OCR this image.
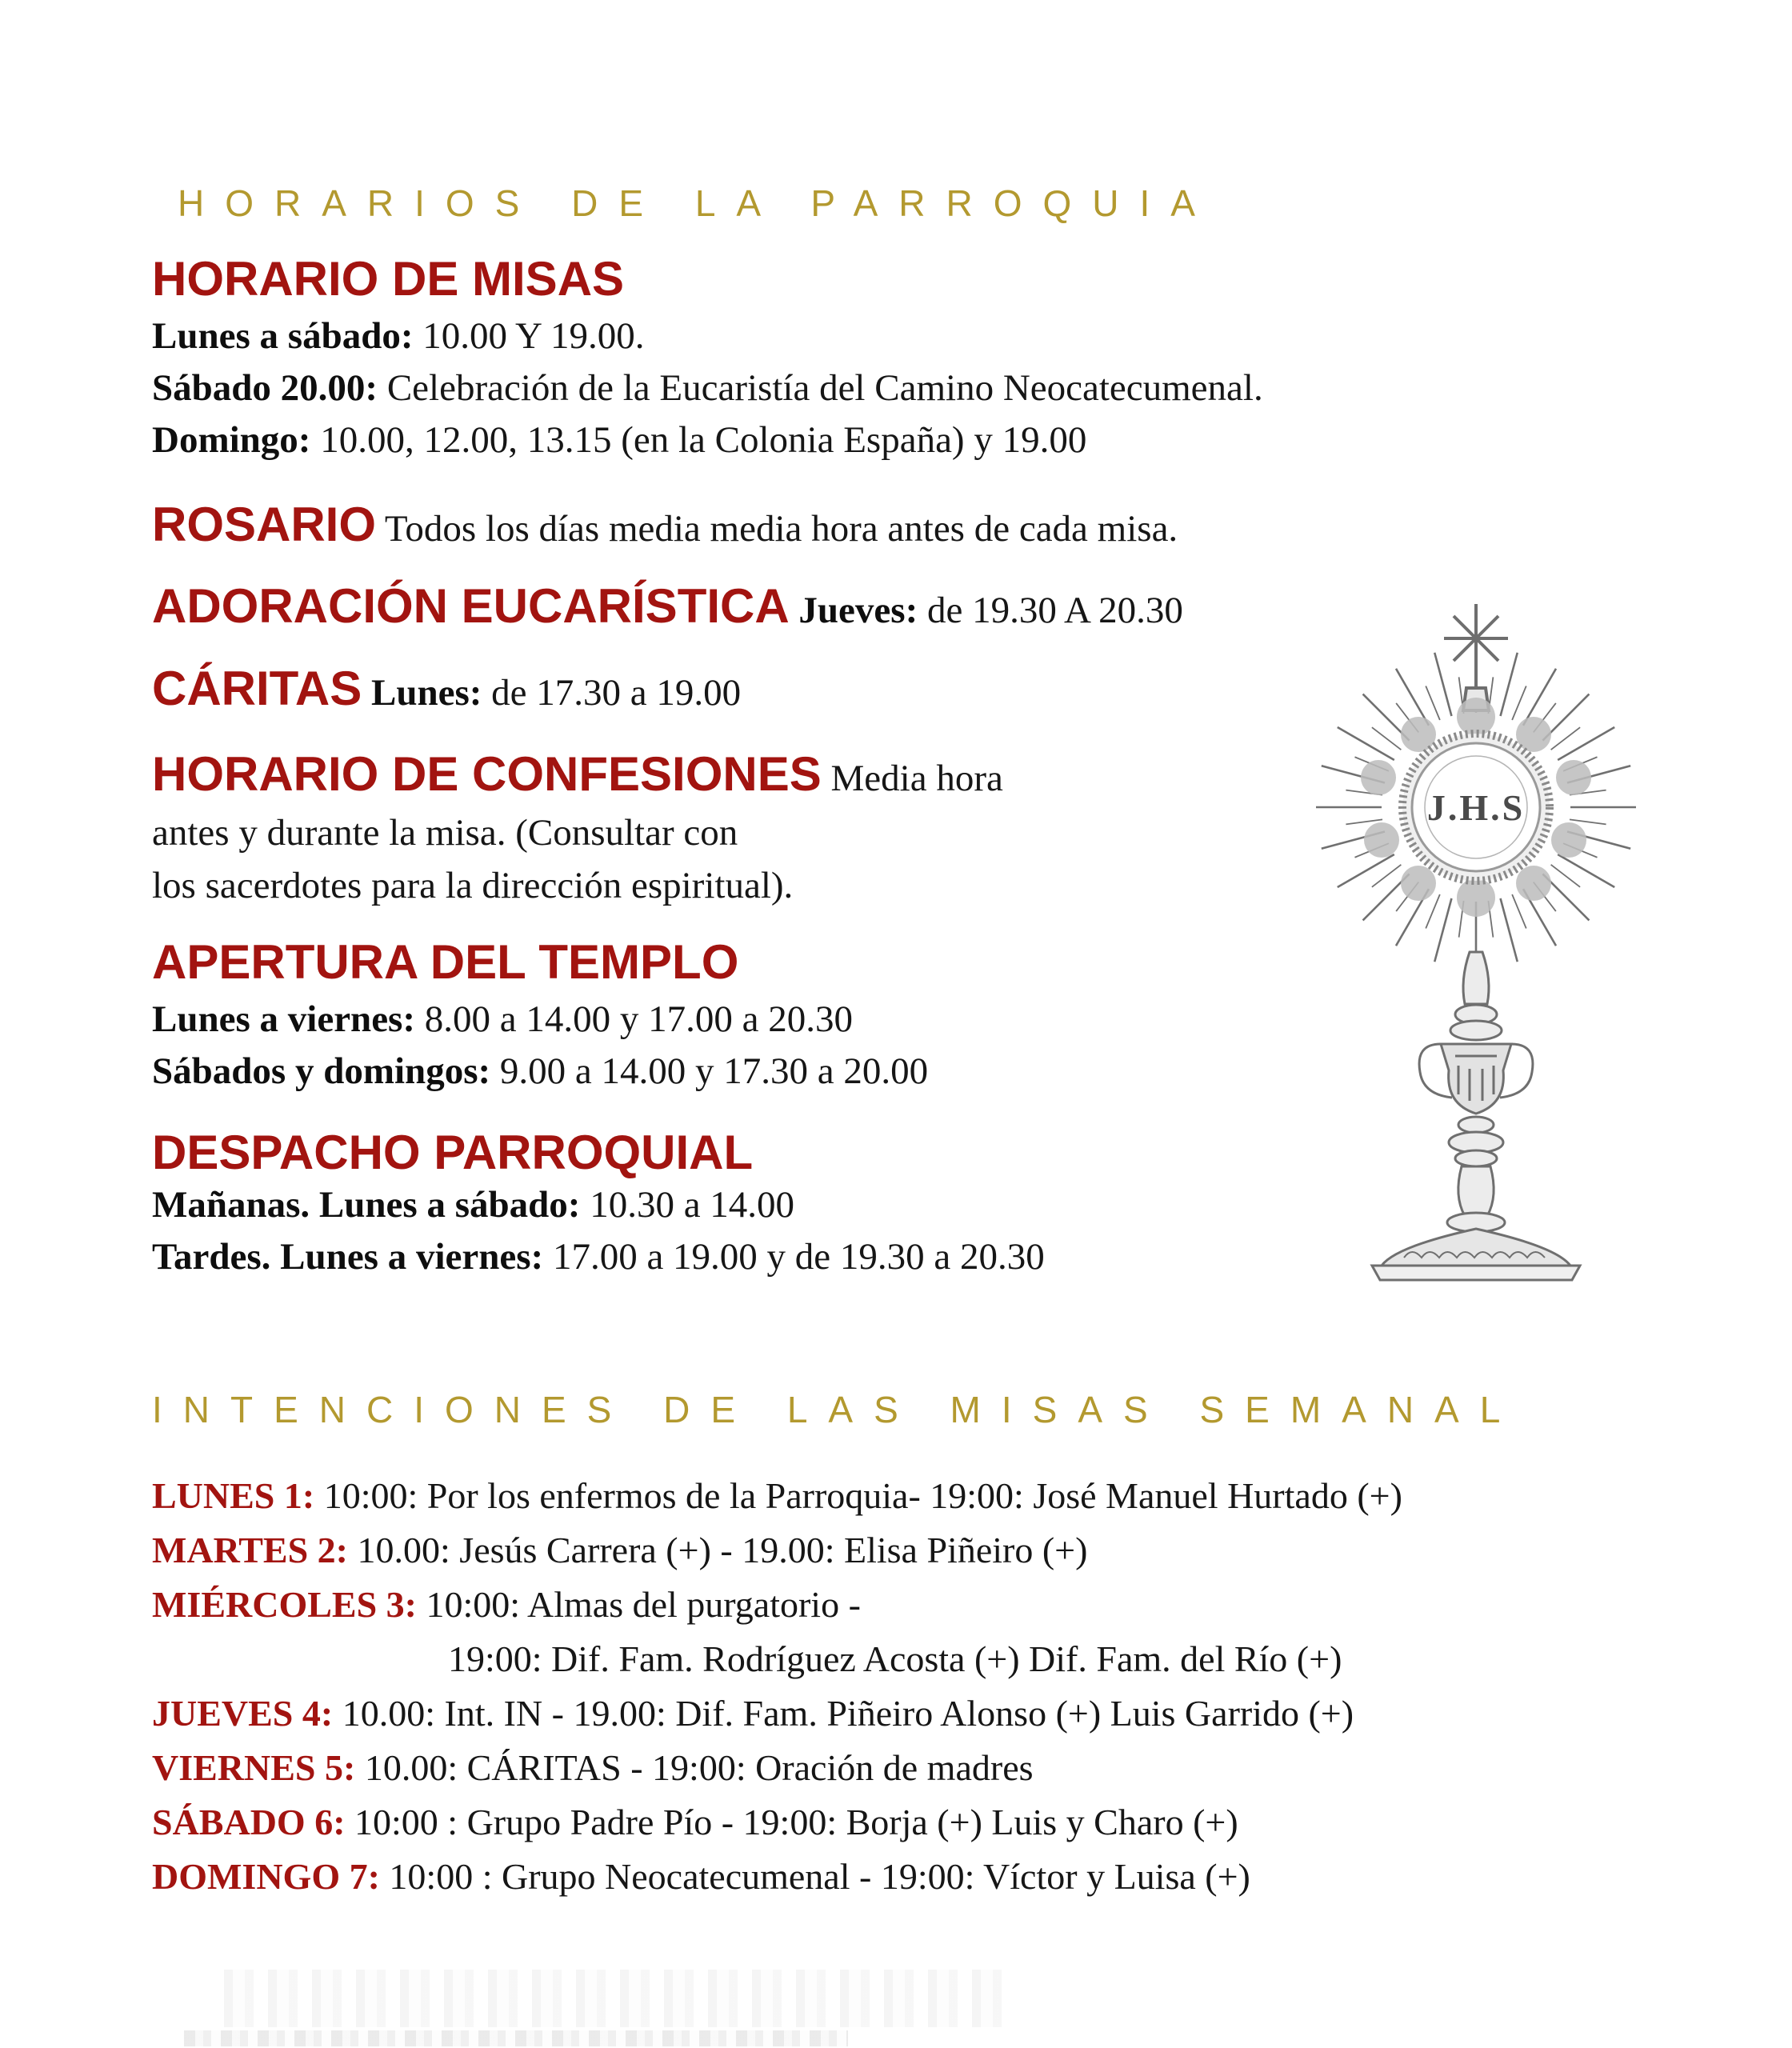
HORARIOS DE LA PARROQUIA
HORARIO DE MISAS
Lunes a sábado: 10.00 Y 19.00.
Sábado 20.00: Celebración de la Eucaristía del Camino Neocatecumenal.
Domingo: 10.00, 12.00, 13.15 (en la Colonia España) y 19.00
ROSARIO Todos los días media media hora antes de cada misa.
ADORACIÓN EUCARÍSTICA Jueves: de 19.30 A 20.30
CÁRITAS Lunes: de 17.30 a 19.00
HORARIO DE CONFESIONES Media hora
antes y durante la misa. (Consultar con
los sacerdotes para la dirección espiritual).
APERTURA DEL TEMPLO
Lunes a viernes: 8.00 a 14.00 y 17.00 a 20.30
Sábados y domingos: 9.00 a 14.00 y 17.30 a 20.00
DESPACHO PARROQUIAL
Mañanas. Lunes a sábado: 10.30 a 14.00
Tardes. Lunes a viernes: 17.00 a 19.00 y de 19.30 a 20.30
INTENCIONES DE LAS MISAS SEMANAL
LUNES 1: 10:00: Por los enfermos de la Parroquia- 19:00: José Manuel Hurtado (+)
MARTES 2: 10.00: Jesús Carrera (+) - 19.00: Elisa Piñeiro (+)
MIÉRCOLES 3: 10:00: Almas del purgatorio -
19:00: Dif. Fam. Rodríguez Acosta (+) Dif. Fam. del Río (+)
JUEVES 4: 10.00: Int. IN - 19.00: Dif. Fam. Piñeiro Alonso (+) Luis Garrido (+)
VIERNES 5: 10.00: CÁRITAS - 19:00: Oración de madres
SÁBADO 6: 10:00 : Grupo Padre Pío - 19:00: Borja (+) Luis y Charo (+)
DOMINGO 7: 10:00 : Grupo Neocatecumenal - 19:00: Víctor y Luisa (+)
J.H.S
